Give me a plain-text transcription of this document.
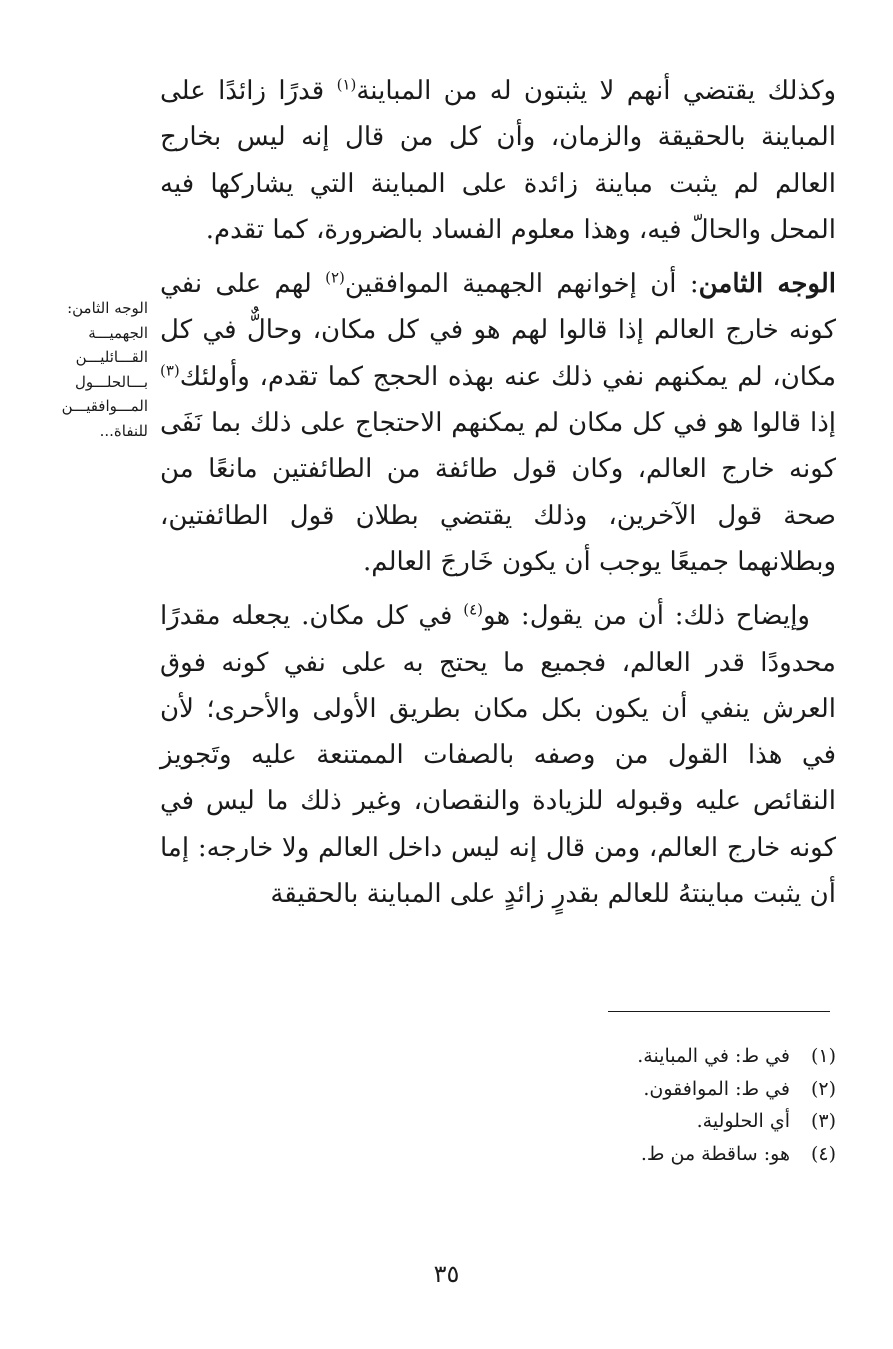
وكذلك يقتضي أنهم لا يثبتون له من المباينة$^{(١)}$ قدرًا زائدًا على المباينة بالحقيقة والزمان، وأن كل من قال إنه ليس بخارج العالم لم يثبت مباينة زائدة على المباينة التي يشاركها فيه المحل والحالّ فيه، وهذا معلوم الفساد بالضرورة، كما تقدم.

الوجه الثامن: أن إخوانهم الجهمية الموافقين$^{(٢)}$ لهم على نفي كونه خارج العالم إذا قالوا لهم هو في كل مكان، وحالٌّ في كل مكان، لم يمكنهم نفي ذلك عنه بهذه الحجج كما تقدم، وأولئك$^{(٣)}$ إذا قالوا هو في كل مكان لم يمكنهم الاحتجاج على ذلك بما نَفَى كونه خارج العالم، وكان قول طائفة من الطائفتين مانعًا من صحة قول الآخرين، وذلك يقتضي بطلان قول الطائفتين، وبطلانهما جميعًا يوجب أن يكون خَارجَ العالم.

وإيضاح ذلك: أن من يقول: هو$^{(٤)}$ في كل مكان. يجعله مقدرًا محدودًا قدر العالم، فجميع ما يحتج به على نفي كونه فوق العرش ينفي أن يكون بكل مكان بطريق الأولى والأحرى؛ لأن في هذا القول من وصفه بالصفات الممتنعة عليه وتَجويز النقائص عليه وقبوله للزيادة والنقصان، وغير ذلك ما ليس في كونه خارج العالم، ومن قال إنه ليس داخل العالم ولا خارجه: إما أن يثبت مباينتهُ للعالم بقدرٍ زائدٍ على المباينة بالحقيقة

الوجه الثامن:
الجهميـــة
القـــائليـــن
بـــالحلـــول
المـــوافقيـــن
للنفاة...
(١)
في ط: في المباينة.
(٢)
في ط: الموافقون.
(٣)
أي الحلولية.
(٤)
هو: ساقطة من ط.
٣٥
